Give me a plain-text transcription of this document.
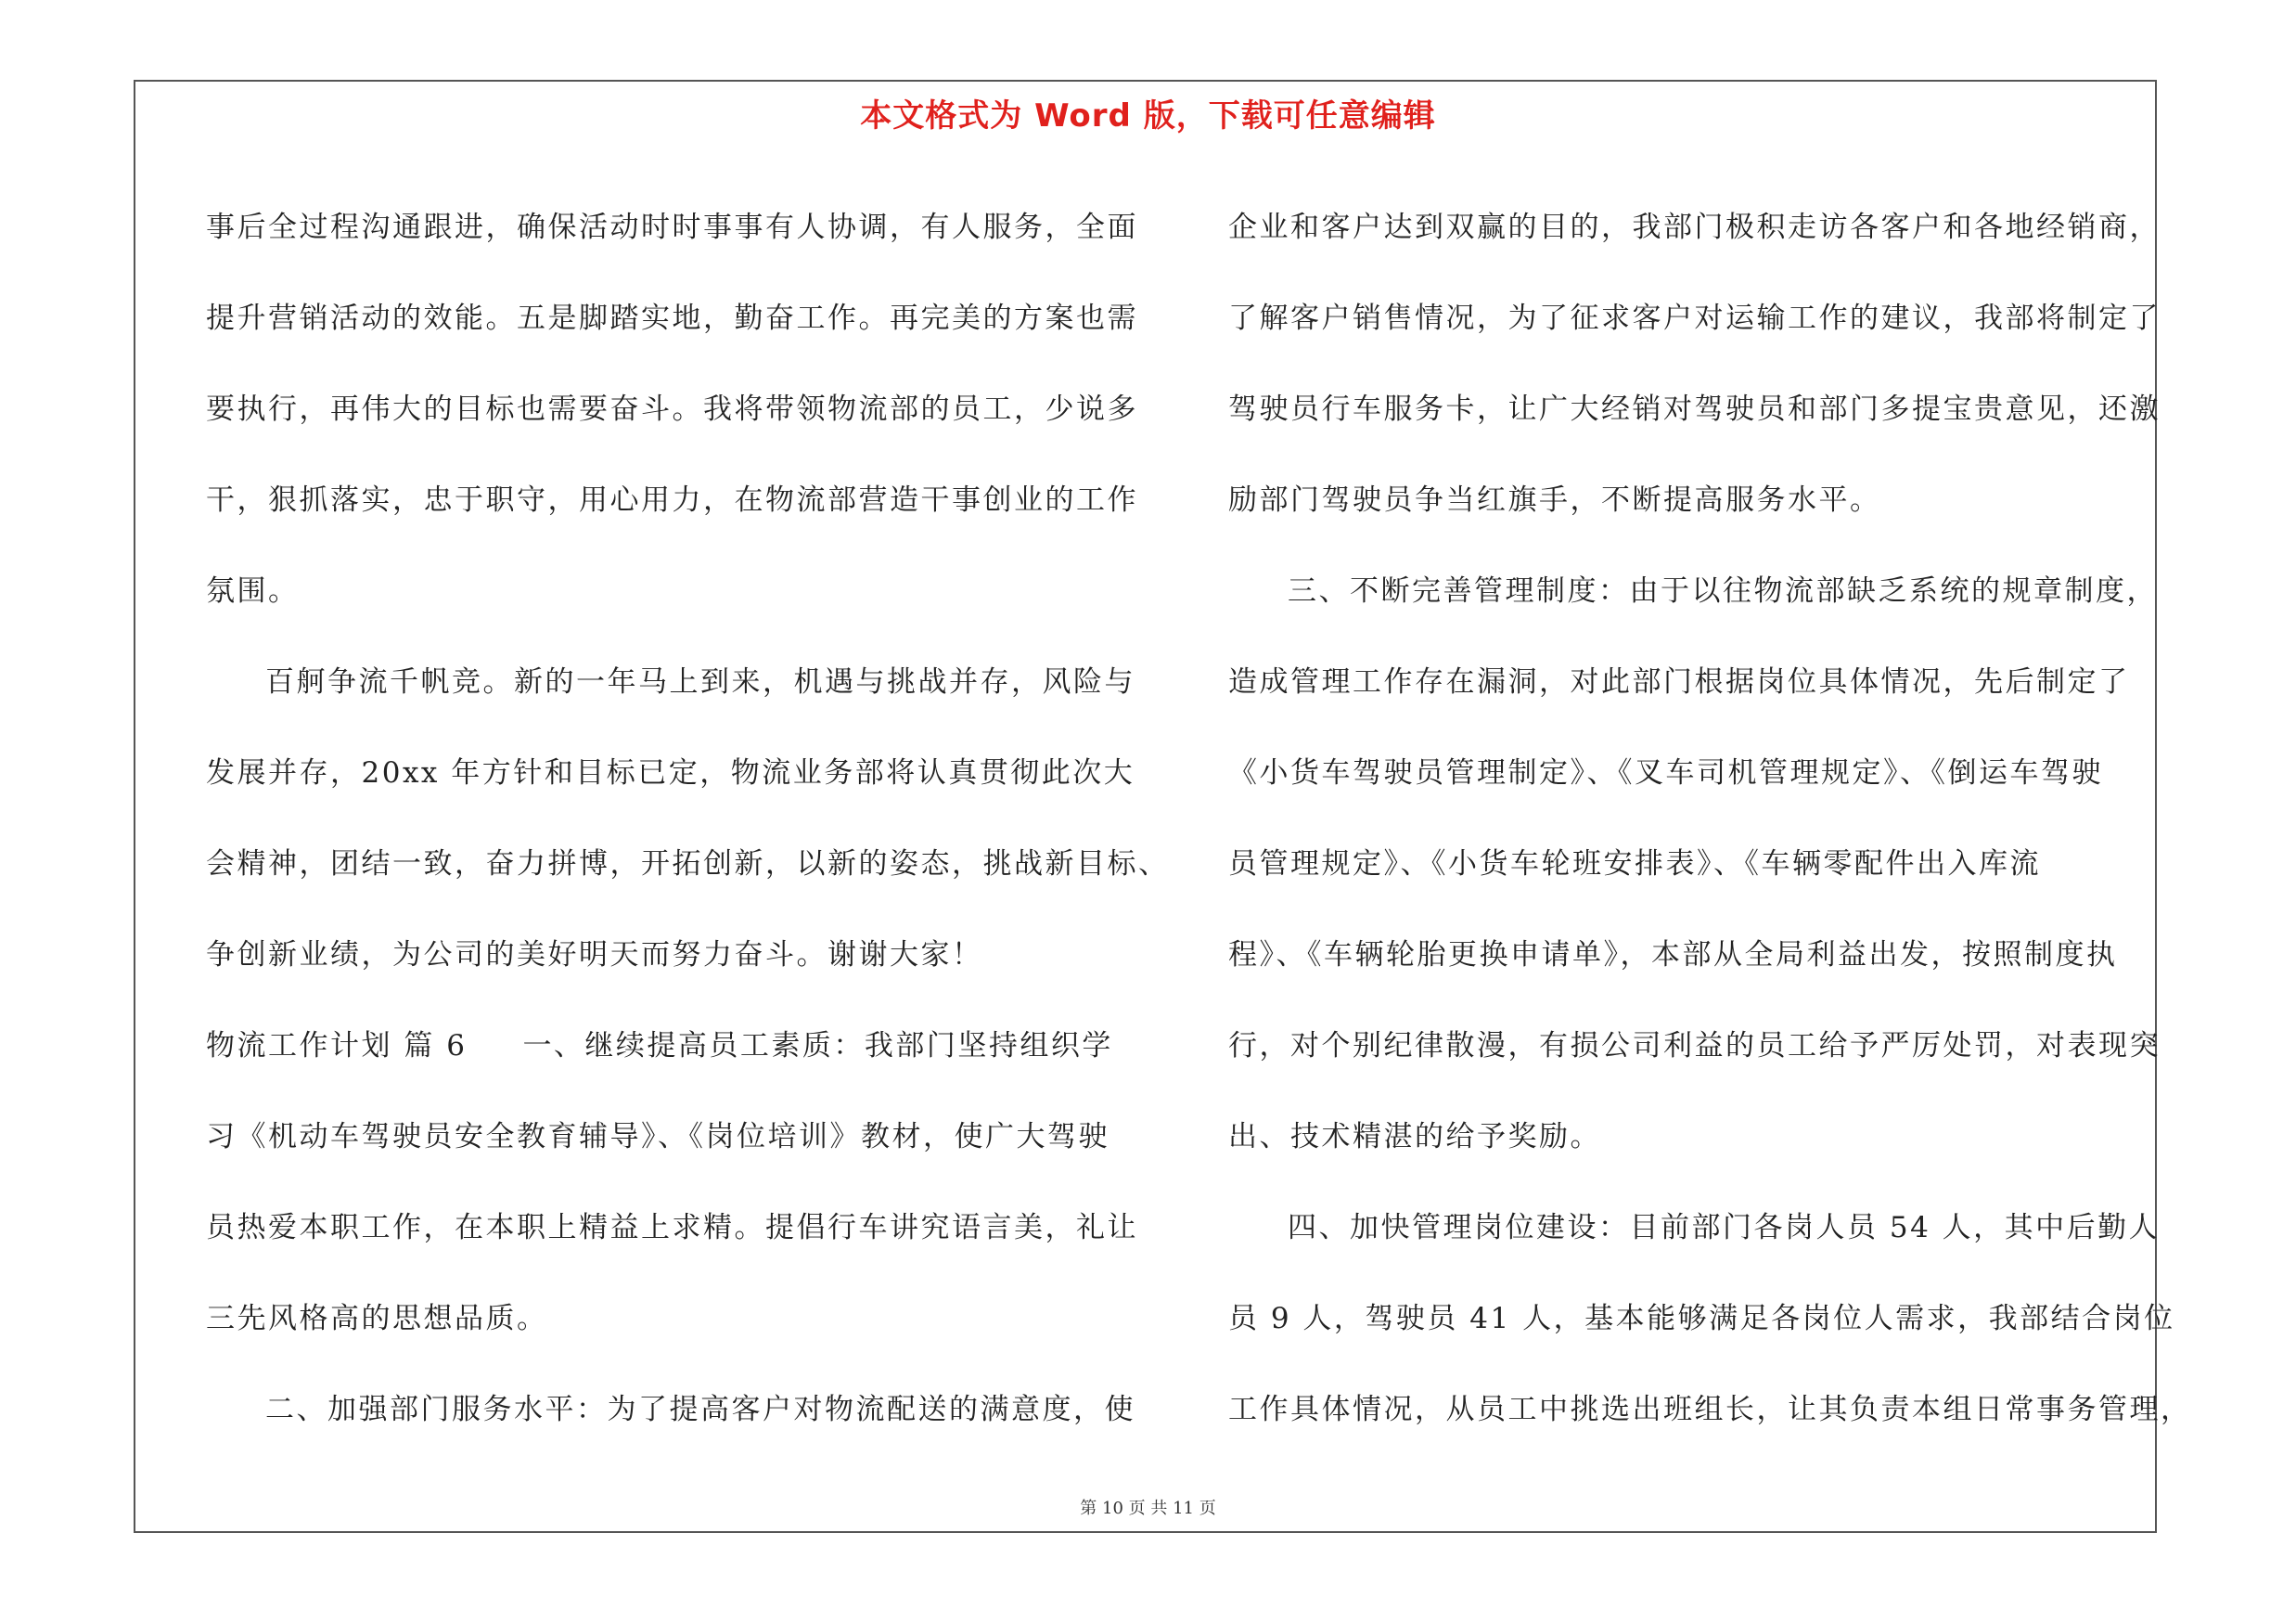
本文格式为 Word 版，下载可任意编辑
事后全过程沟通跟进，确保活动时时事事有人协调，有人服务，全面
提升营销活动的效能。五是脚踏实地，勤奋工作。再完美的方案也需
要执行，再伟大的目标也需要奋斗。我将带领物流部的员工，少说多
干，狠抓落实，忠于职守，用心用力，在物流部营造干事创业的工作
氛围。
百舸争流千帆竞。新的一年马上到来，机遇与挑战并存，风险与
发展并存，20xx 年方针和目标已定，物流业务部将认真贯彻此次大
会精神，团结一致，奋力拼博，开拓创新，以新的姿态，挑战新目标、
争创新业绩，为公司的美好明天而努力奋斗。谢谢大家！
物流工作计划 篇 6 一、继续提高员工素质：我部门坚持组织学
习《机动车驾驶员安全教育辅导》、《岗位培训》教材，使广大驾驶
员热爱本职工作，在本职上精益上求精。提倡行车讲究语言美，礼让
三先风格高的思想品质。
二、加强部门服务水平：为了提高客户对物流配送的满意度，使
企业和客户达到双赢的目的，我部门极积走访各客户和各地经销商，
了解客户销售情况，为了征求客户对运输工作的建议，我部将制定了
驾驶员行车服务卡，让广大经销对驾驶员和部门多提宝贵意见，还激
励部门驾驶员争当红旗手，不断提高服务水平。
三、不断完善管理制度：由于以往物流部缺乏系统的规章制度，
造成管理工作存在漏洞，对此部门根据岗位具体情况，先后制定了
《小货车驾驶员管理制定》、《叉车司机管理规定》、《倒运车驾驶
员管理规定》、《小货车轮班安排表》、《车辆零配件出入库流
程》、《车辆轮胎更换申请单》，本部从全局利益出发，按照制度执
行，对个别纪律散漫，有损公司利益的员工给予严厉处罚，对表现突
出、技术精湛的给予奖励。
四、加快管理岗位建设：目前部门各岗人员 54 人，其中后勤人
员 9 人，驾驶员 41 人，基本能够满足各岗位人需求，我部结合岗位
工作具体情况，从员工中挑选出班组长，让其负责本组日常事务管理，
第 10 页 共 11 页
